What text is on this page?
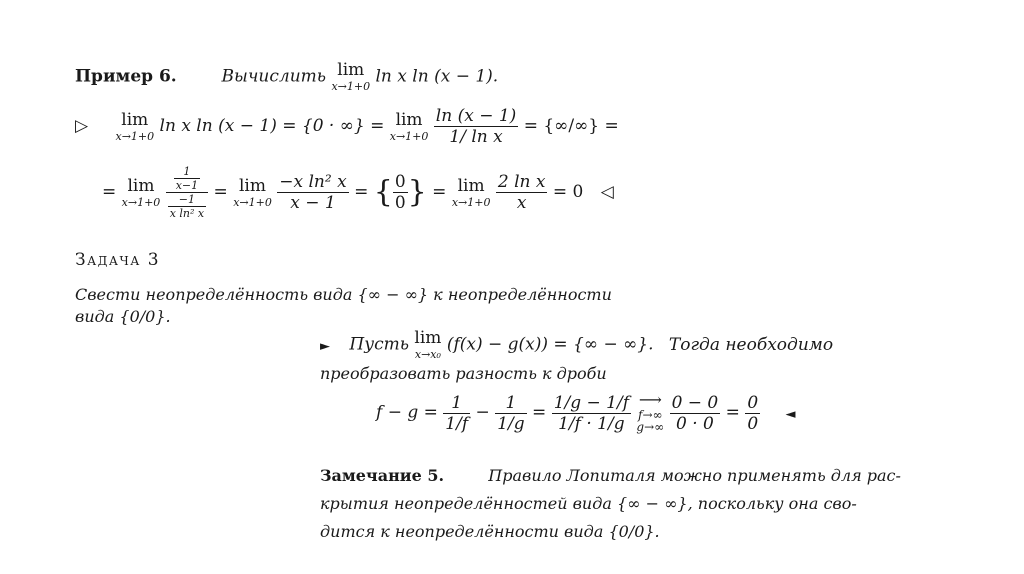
Пример 6.	Вычислить lim
x→1+0 ln x ln (x − 1).
▷ lim
x→1+0 ln x ln (x − 1) = {0 · ∞} = lim
x→1+0
$\frac{\ln (x - 1)}{\text{1/ ln x}}$ = {∞/∞} =
= lim
x→1+0
$\frac{\frac{1}{x-1}}{\frac{-1}{\text{x ln² x}}} = \lim$
x→1+0
$\frac{\text{−x ln² x}}{x - 1}$ = { $\frac{0}{0}$ } = lim
x→1+0
$\frac{\text{2 ln x}}{x} = 0$ ◁
Задача 3
Свести неопределённость вида {∞ − ∞} к неопределённости
вида {0/0}.
► Пусть lim
x→x₀ (f(x) − g(x)) = {∞ − ∞}. Тогда необходимо
преобразовать разность к дроби
$f - g = \frac{1}{1/f} - \frac{1}{1/g} = \frac{1/g - 1/f}{1/f \cdot 1/g}$
⟶
f→∞
g→∞
$\frac{0 - 0}{0 \cdot 0} = \frac{0}{0}$ ◄
Замечание 5.	Правило Лопиталя можно применять для рас-
крытия неопределённостей вида {∞ − ∞}, поскольку она сво-
дится к неопределённости вида {0/0}.
